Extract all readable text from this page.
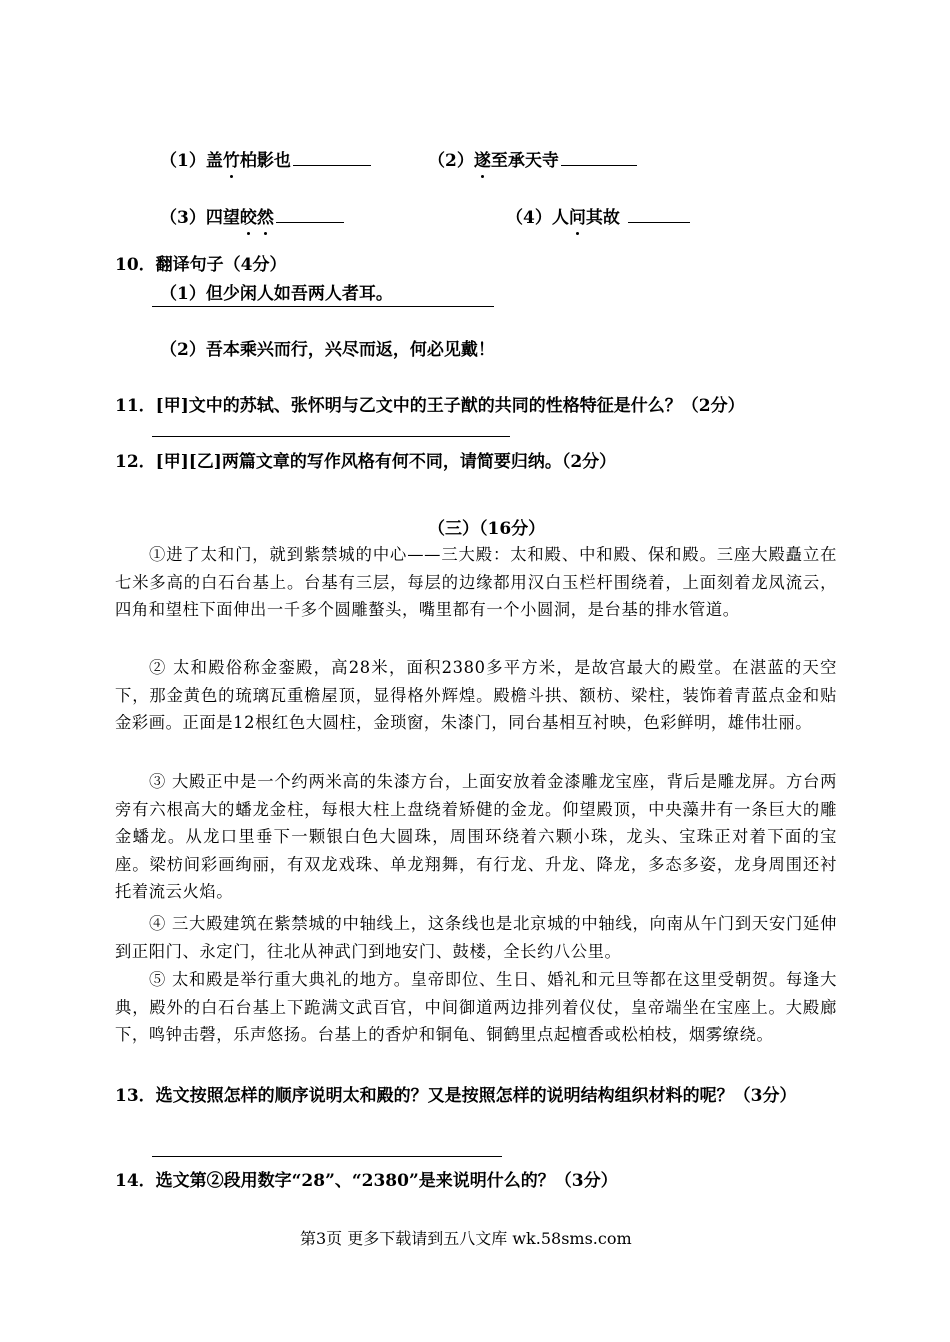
（1）盖竹柏影也	（2）遂至承天寺
（3）四望皎然	（4）人问其故
10．翻译句子（4分）
（1）但少闲人如吾两人者耳。
（2）吾本乘兴而行，兴尽而返，何必见戴！
11．[甲]文中的苏轼、张怀明与乙文中的王子猷的共同的性格特征是什么？（2分）
12．[甲][乙]两篇文章的写作风格有何不同，请简要归纳。（2分）
（三）（16分）
①进了太和门，就到紫禁城的中心——三大殿：太和殿、中和殿、保和殿。三座大殿矗立在七米多高的白石台基上。台基有三层，每层的边缘都用汉白玉栏杆围绕着，上面刻着龙凤流云，四角和望柱下面伸出一千多个圆雕螯头，嘴里都有一个小圆洞，是台基的排水管道。
② 太和殿俗称金銮殿，高28米，面积2380多平方米，是故宫最大的殿堂。在湛蓝的天空下，那金黄色的琉璃瓦重檐屋顶，显得格外辉煌。殿檐斗拱、额枋、梁柱，装饰着青蓝点金和贴金彩画。正面是12根红色大圆柱，金琐窗，朱漆门，同台基相互衬映，色彩鲜明，雄伟壮丽。
③ 大殿正中是一个约两米高的朱漆方台，上面安放着金漆雕龙宝座，背后是雕龙屏。方台两旁有六根高大的蟠龙金柱，每根大柱上盘绕着矫健的金龙。仰望殿顶，中央藻井有一条巨大的雕金蟠龙。从龙口里垂下一颗银白色大圆珠，周围环绕着六颗小珠，龙头、宝珠正对着下面的宝座。梁枋间彩画绚丽，有双龙戏珠、单龙翔舞，有行龙、升龙、降龙，多态多姿，龙身周围还衬托着流云火焰。
④ 三大殿建筑在紫禁城的中轴线上，这条线也是北京城的中轴线，向南从午门到天安门延伸到正阳门、永定门，往北从神武门到地安门、鼓楼，全长约八公里。
⑤ 太和殿是举行重大典礼的地方。皇帝即位、生日、婚礼和元旦等都在这里受朝贺。每逢大典，殿外的白石台基上下跪满文武百官，中间御道两边排列着仪仗，皇帝端坐在宝座上。大殿廊下，鸣钟击磬，乐声悠扬。台基上的香炉和铜龟、铜鹤里点起檀香或松柏枝，烟雾缭绕。
13．选文按照怎样的顺序说明太和殿的？又是按照怎样的说明结构组织材料的呢？（3分）
14．选文第②段用数字“28”、“2380”是来说明什么的？（3分）
第3页 更多下载请到五八文库 wk.58sms.com
